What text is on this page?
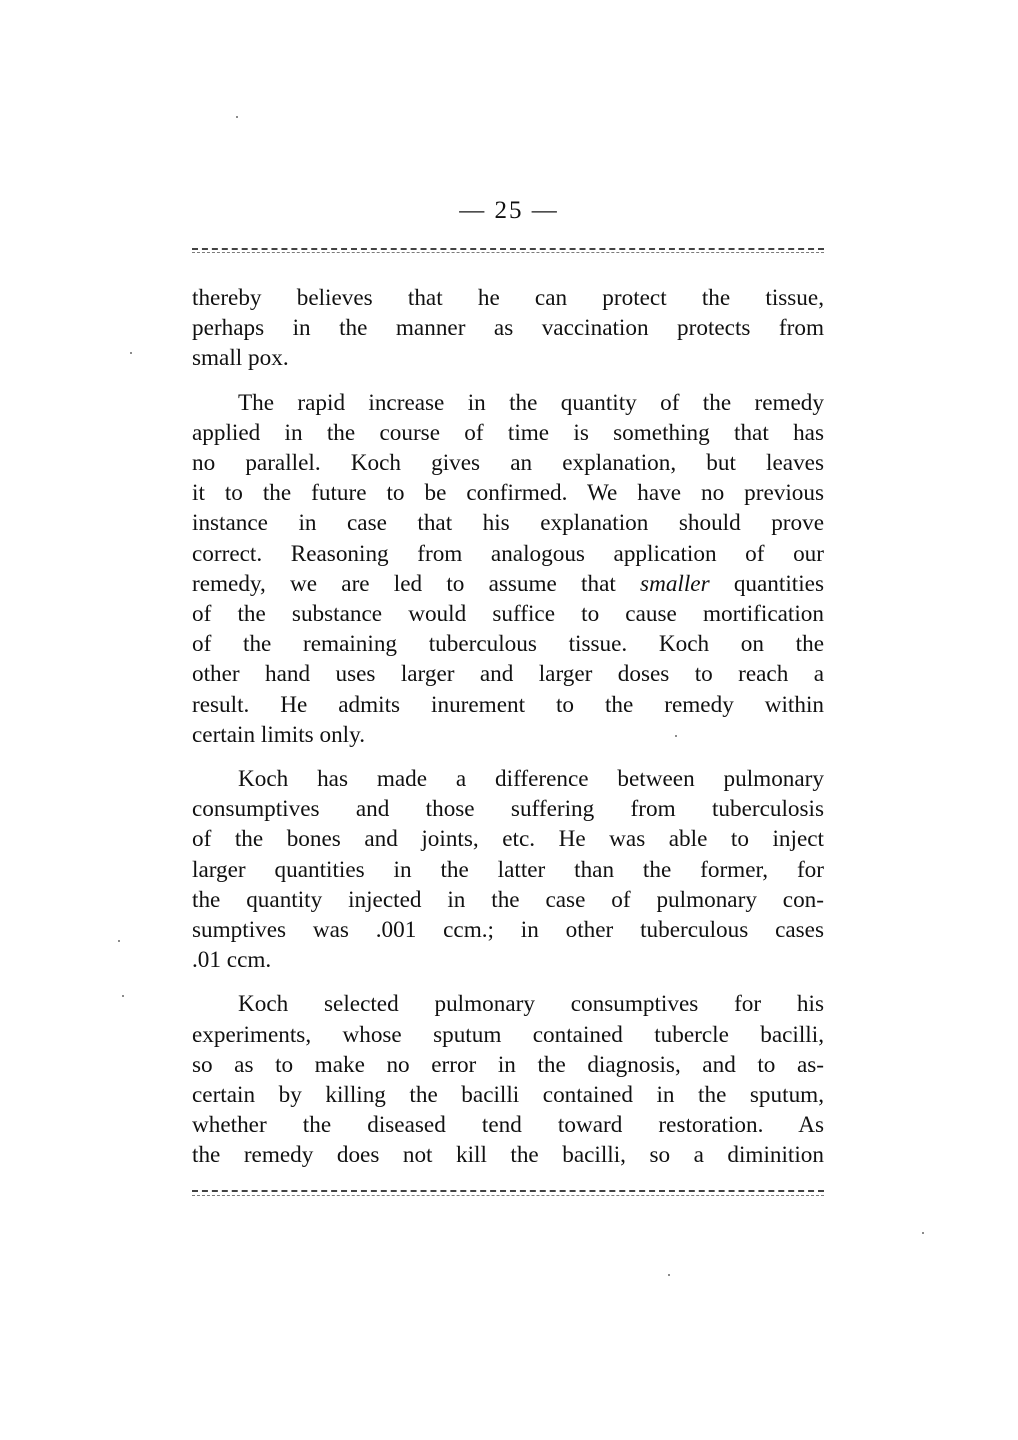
— 25 —

thereby believes that he can protect the tissue,
perhaps in the manner as vaccination protects from
small pox.

The rapid increase in the quantity of the remedy
applied in the course of time is something that has
no parallel. Koch gives an explanation, but leaves
it to the future to be confirmed. We have no previous
instance in case that his explanation should prove
correct. Reasoning from analogous application of our
remedy, we are led to assume that smaller quantities
of the substance would suffice to cause mortification
of the remaining tuberculous tissue. Koch on the
other hand uses larger and larger doses to reach a
result. He admits inurement to the remedy within
certain limits only.

Koch has made a difference between pulmonary
consumptives and those suffering from tuberculosis
of the bones and joints, etc. He was able to inject
larger quantities in the latter than the former, for
the quantity injected in the case of pulmonary con-
sumptives was .001 ccm.; in other tuberculous cases
.01 ccm.

Koch selected pulmonary consumptives for his
experiments, whose sputum contained tubercle bacilli,
so as to make no error in the diagnosis, and to as-
certain by killing the bacilli contained in the sputum,
whether the diseased tend toward restoration. As
the remedy does not kill the bacilli, so a diminition
